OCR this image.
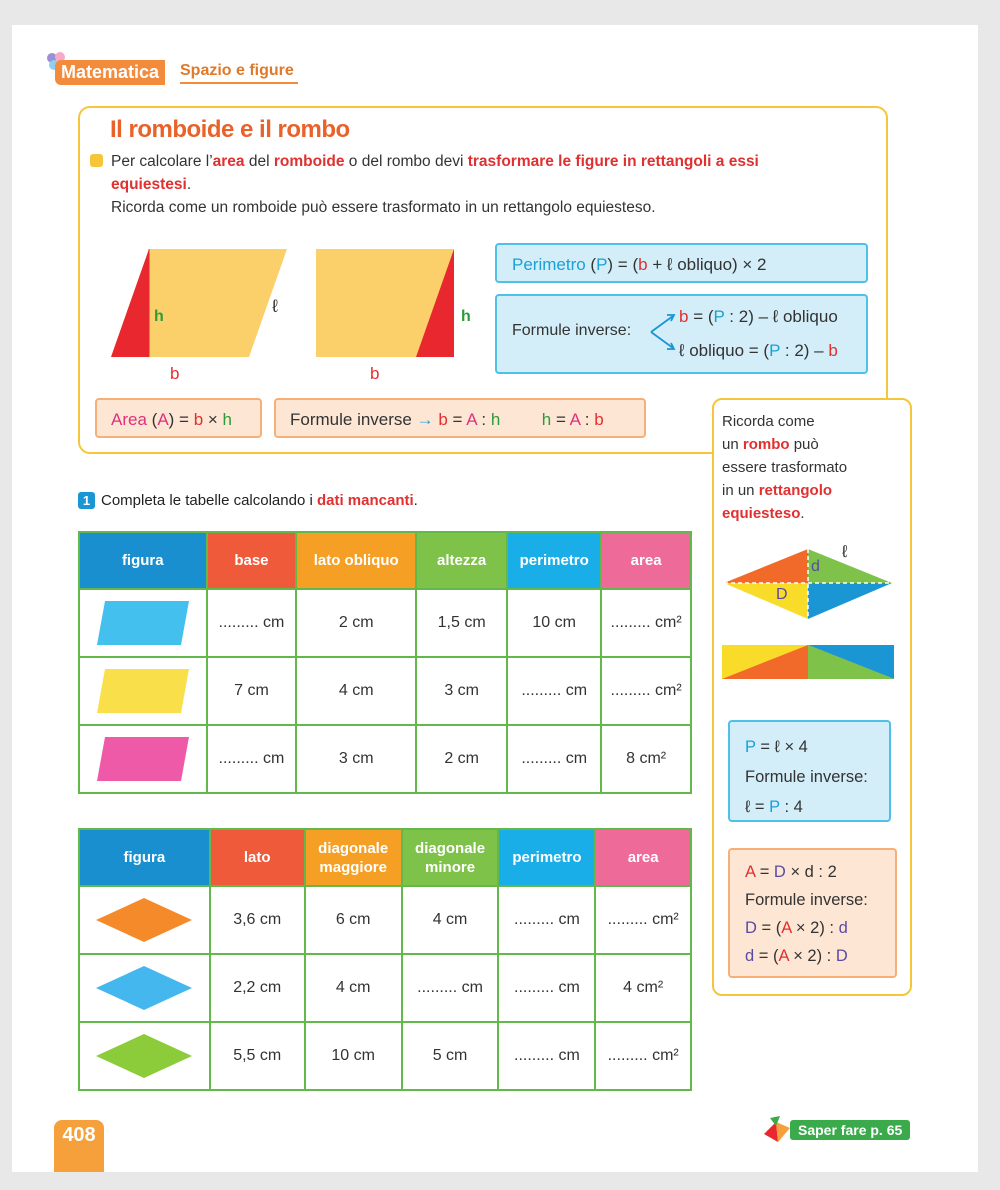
Matematica	Spazio e figure
Il romboide e il rombo
Per calcolare l’area del romboide o del rombo devi trasformare le figure in rettangoli a essi equiestesi.
Ricorda come un romboide può essere trasformato in un rettangolo equiesteso.
h
ℓ
b
h
b
Perimetro (P) = (b + ℓ obliquo) × 2
Formule inverse:
b = (P : 2) – ℓ obliquo
ℓ obliquo = (P : 2) – b
Area (A) = b × h	Formule inverse → b = A : h h = A : b	Ricorda come
un rombo può
essere trasformato
in un rettangolo
equiesteso.
ℓ
d
D
P = ℓ × 4
Formule inverse:
ℓ = P : 4
A = D × d : 2
Formule inverse:
D = (A × 2) : d
d = (A × 2) : D
1 Completa le tabelle calcolando i dati mancanti.
figura	base	lato obliquo	altezza	perimetro	area
	......... cm	2 cm	1,5 cm	10 cm	......... cm²
	7 cm	4 cm	3 cm	......... cm	......... cm²
	......... cm	3 cm	2 cm	......... cm	8 cm²
figura	lato	diagonale maggiore	diagonale minore	perimetro	area
	3,6 cm	6 cm	4 cm	......... cm	......... cm²
	2,2 cm	4 cm	......... cm	......... cm	4 cm²
	5,5 cm	10 cm	5 cm	......... cm	......... cm²
408	Saper fare p. 65
